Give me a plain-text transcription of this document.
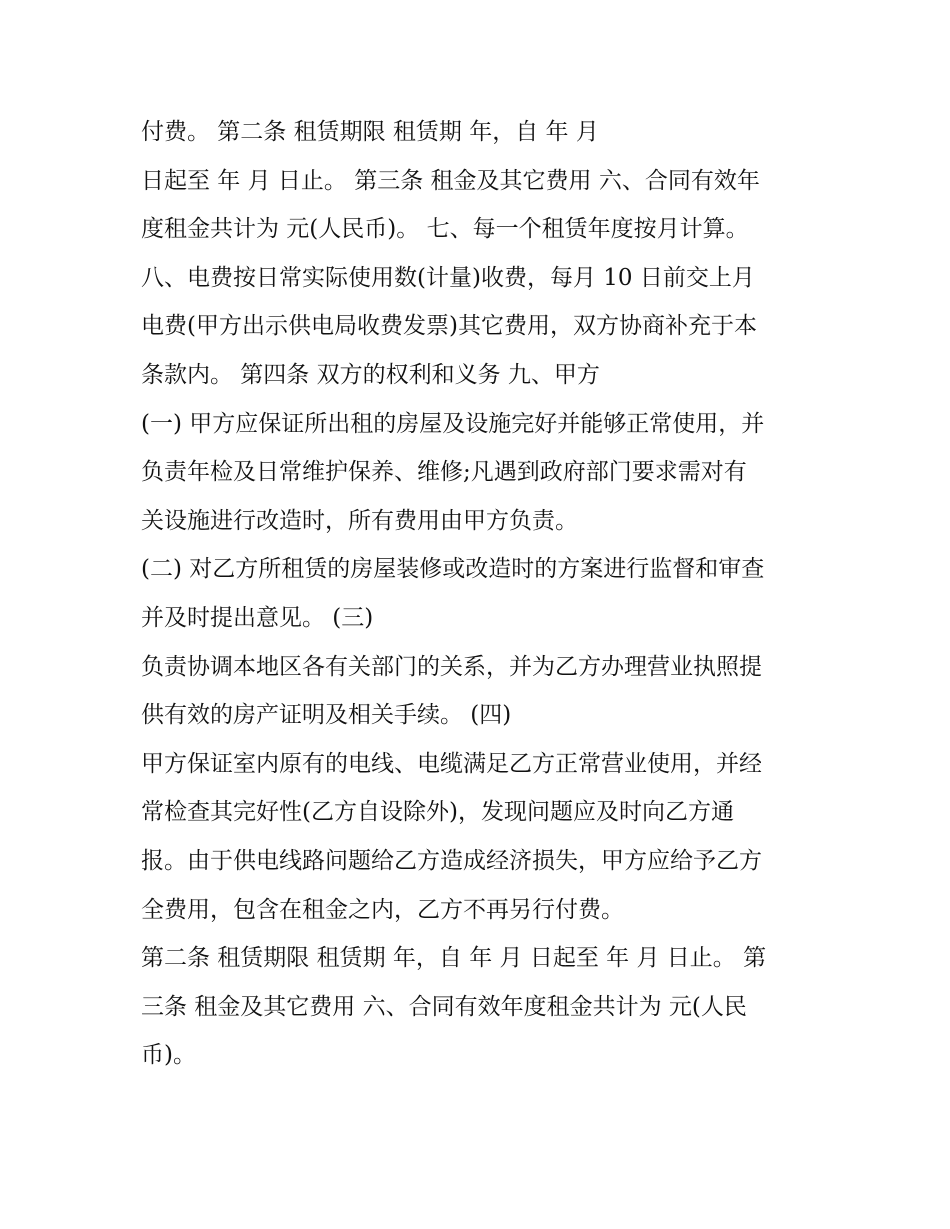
付费。 第二条 租赁期限 租赁期 年，自 年 月

日起至 年 月 日止。 第三条 租金及其它费用 六、合同有效年

度租金共计为 元(人民币)。 七、每一个租赁年度按月计算。

八、电费按日常实际使用数(计量)收费，每月 10 日前交上月

电费(甲方出示供电局收费发票)其它费用，双方协商补充于本

条款内。 第四条 双方的权利和义务 九、甲方

(一) 甲方应保证所出租的房屋及设施完好并能够正常使用，并

负责年检及日常维护保养、维修;凡遇到政府部门要求需对有

关设施进行改造时，所有费用由甲方负责。

(二) 对乙方所租赁的房屋装修或改造时的方案进行监督和审查

并及时提出意见。 (三)

负责协调本地区各有关部门的关系，并为乙方办理营业执照提

供有效的房产证明及相关手续。 (四)

甲方保证室内原有的电线、电缆满足乙方正常营业使用，并经

常检查其完好性(乙方自设除外)，发现问题应及时向乙方通

报。由于供电线路问题给乙方造成经济损失，甲方应给予乙方

全费用，包含在租金之内，乙方不再另行付费。

第二条 租赁期限 租赁期 年，自 年 月 日起至 年 月 日止。 第

三条 租金及其它费用 六、合同有效年度租金共计为 元(人民

币)。
